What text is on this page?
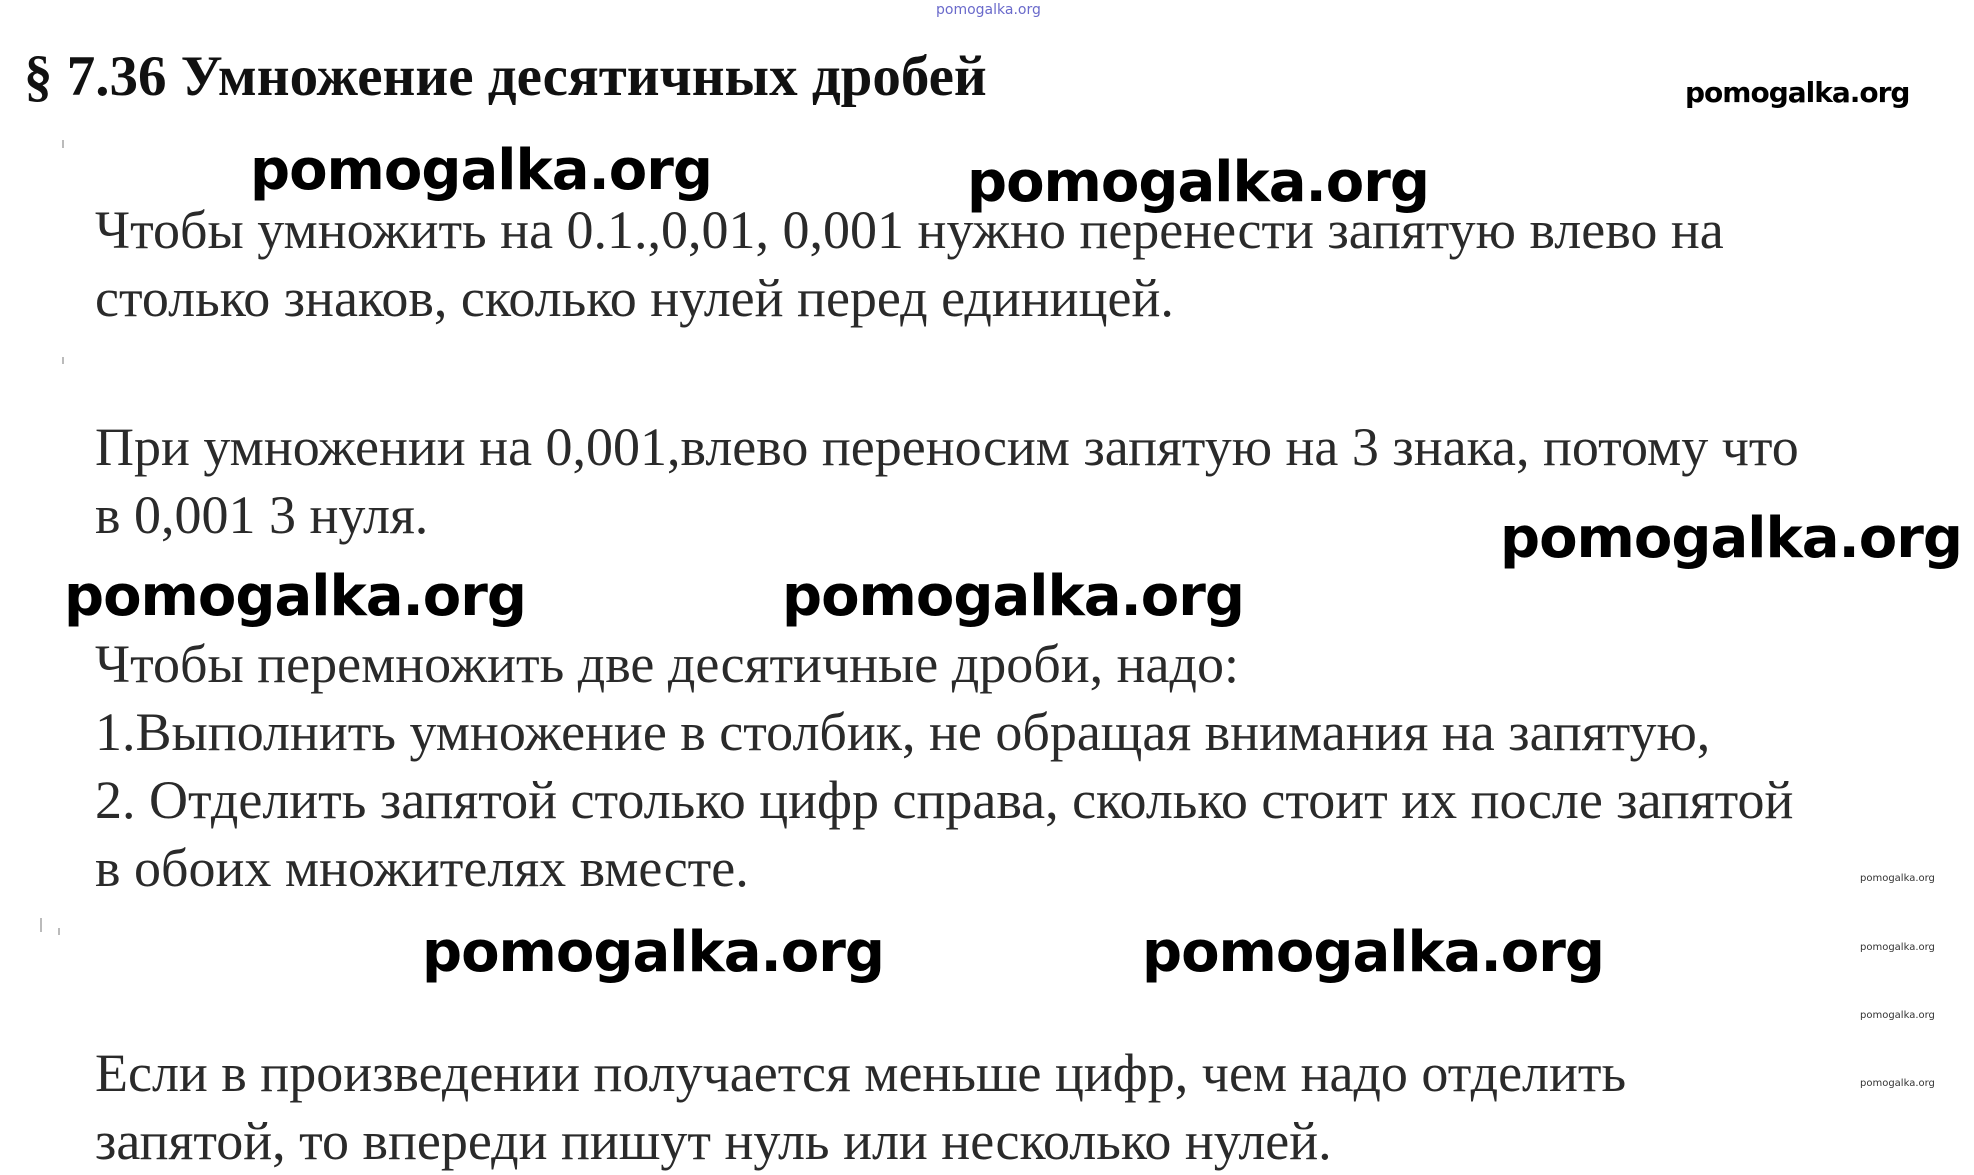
pomogalka.org
§ 7.36 Умножение десятичных дробей	pomogalka.org
Чтобы умножить на 0.1.,0,01, 0,001 нужно перенести запятую влево на
столько знаков, сколько нулей перед единицей.
При умножении на 0,001,влево переносим запятую на 3 знака, потому что
в 0,001 3 нуля.
Чтобы перемножить две десятичные дроби, надо:
1.Выполнить умножение в столбик, не обращая внимания на запятую,
2. Отделить запятой столько цифр справа, сколько стоит их после запятой
в обоих множителях вместе.
Если в произведении получается меньше цифр, чем надо отделить
запятой, то впереди пишут нуль или несколько нулей.
pomogalka.org	pomogalka.org
pomogalka.org
pomogalka.org	pomogalka.org
pomogalka.org	pomogalka.org
pomogalka.org
pomogalka.org
pomogalka.org
pomogalka.org
